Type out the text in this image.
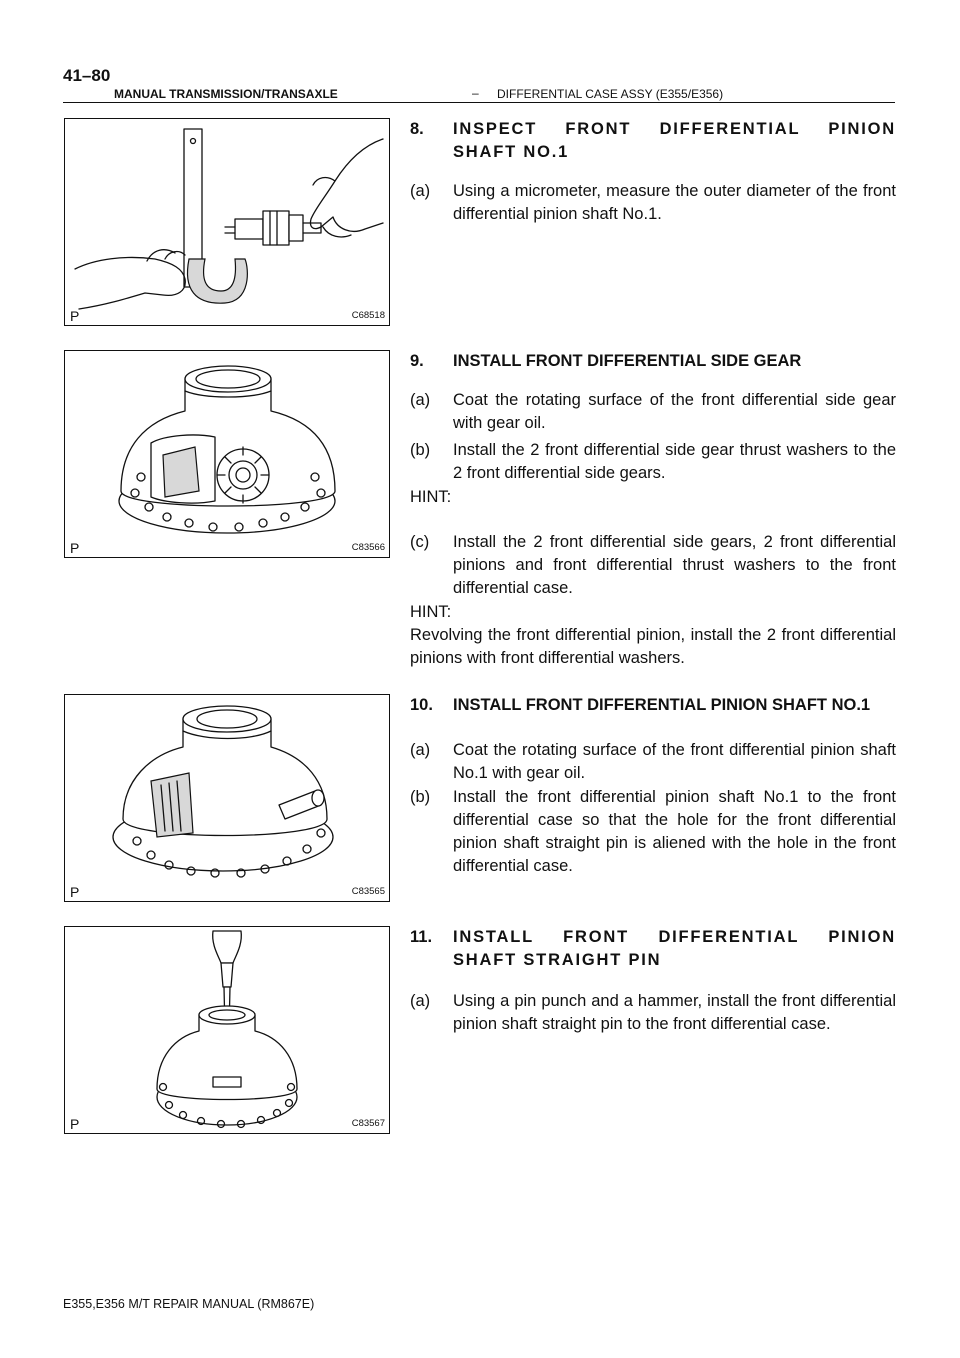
41–80
MANUAL TRANSMISSION/TRANSAXLE	– DIFFERENTIAL CASE ASSY (E355/E356)
P	C68518
P	C83566
P	C83565
P	C83567
8. INSPECT FRONT DIFFERENTIAL PINION SHAFT NO.1
(a) Using a micrometer, measure the outer diameter of the front differential pinion shaft No.1.
9. INSTALL FRONT DIFFERENTIAL SIDE GEAR
(a) Coat the rotating surface of the front differential side gear with gear oil.
(b) Install the 2 front differential side gear thrust washers to the 2 front differential side gears.
HINT:
(c) Install the 2 front differential side gears, 2 front differential pinions and front differential thrust washers to the front differential case.
HINT:
Revolving the front differential pinion, install the 2 front differential pinions with front differential washers.
10. INSTALL FRONT DIFFERENTIAL PINION SHAFT NO.1
(a) Coat the rotating surface of the front differential pinion shaft No.1 with gear oil.
(b) Install the front differential pinion shaft No.1 to the front differential case so that the hole for the front differential pinion shaft straight pin is aliened with the hole in the front differential case.
11. INSTALL FRONT DIFFERENTIAL PINION SHAFT STRAIGHT PIN
(a) Using a pin punch and a hammer, install the front differential pinion shaft straight pin to the front differential case.
E355,E356 M/T REPAIR MANUAL (RM867E)
